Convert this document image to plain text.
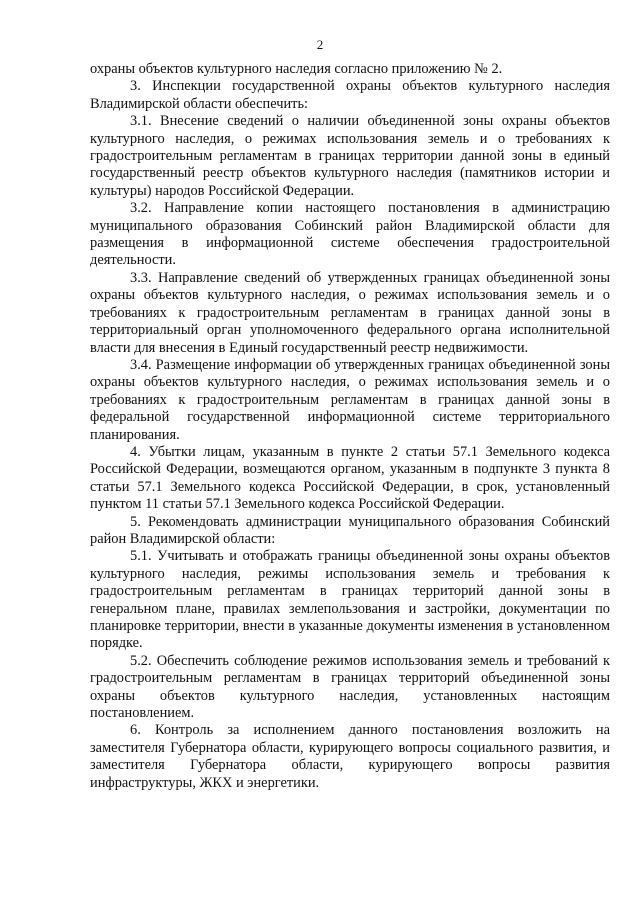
2

охраны объектов культурного наследия согласно приложению № 2.

3. Инспекции государственной охраны объектов культурного наследия Владимирской области обеспечить:

3.1. Внесение сведений о наличии объединенной зоны охраны объектов культурного наследия, о режимах использования земель и о требованиях к градостроительным регламентам в границах территории данной зоны в единый государственный реестр объектов культурного наследия (памятников истории и культуры) народов Российской Федерации.

3.2. Направление копии настоящего постановления в администрацию муниципального образования Собинский район Владимирской области для размещения в информационной системе обеспечения градостроительной деятельности.

3.3. Направление сведений об утвержденных границах объединенной зоны охраны объектов культурного наследия, о режимах использования земель и о требованиях к градостроительным регламентам в границах данной зоны в территориальный орган уполномоченного федерального органа исполнительной власти для внесения в Единый государственный реестр недвижимости.

3.4. Размещение информации об утвержденных границах объединенной зоны охраны объектов культурного наследия, о режимах использования земель и о требованиях к градостроительным регламентам в границах данной зоны в федеральной государственной информационной системе территориального планирования.

4. Убытки лицам, указанным в пункте 2 статьи 57.1 Земельного кодекса Российской Федерации, возмещаются органом, указанным в подпункте 3 пункта 8 статьи 57.1 Земельного кодекса Российской Федерации, в срок, установленный пунктом 11 статьи 57.1 Земельного кодекса Российской Федерации.

5. Рекомендовать администрации муниципального образования Собинский район Владимирской области:

5.1. Учитывать и отображать границы объединенной зоны охраны объектов культурного наследия, режимы использования земель и требования к градостроительным регламентам в границах территорий данной зоны в генеральном плане, правилах землепользования и застройки, документации по планировке территории, внести в указанные документы изменения в установленном порядке.

5.2. Обеспечить соблюдение режимов использования земель и требований к градостроительным регламентам в границах территорий объединенной зоны охраны объектов культурного наследия, установленных настоящим постановлением.

6. Контроль за исполнением данного постановления возложить на заместителя Губернатора области, курирующего вопросы социального развития, и заместителя Губернатора области, курирующего вопросы развития инфраструктуры, ЖКХ и энергетики.
